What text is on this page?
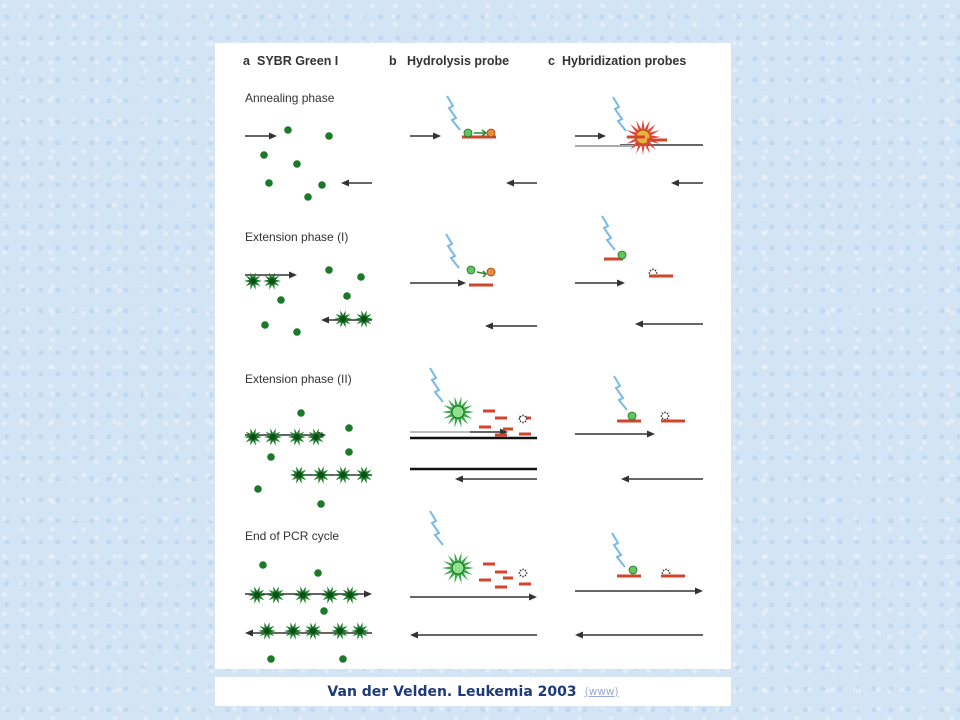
a SYBR Green I	b Hydrolysis probe	c Hybridization probes
Annealing phase
Extension phase (I)
Extension phase (II)
End of PCR cycle
Van der Velden. Leukemia 2003 (www)
